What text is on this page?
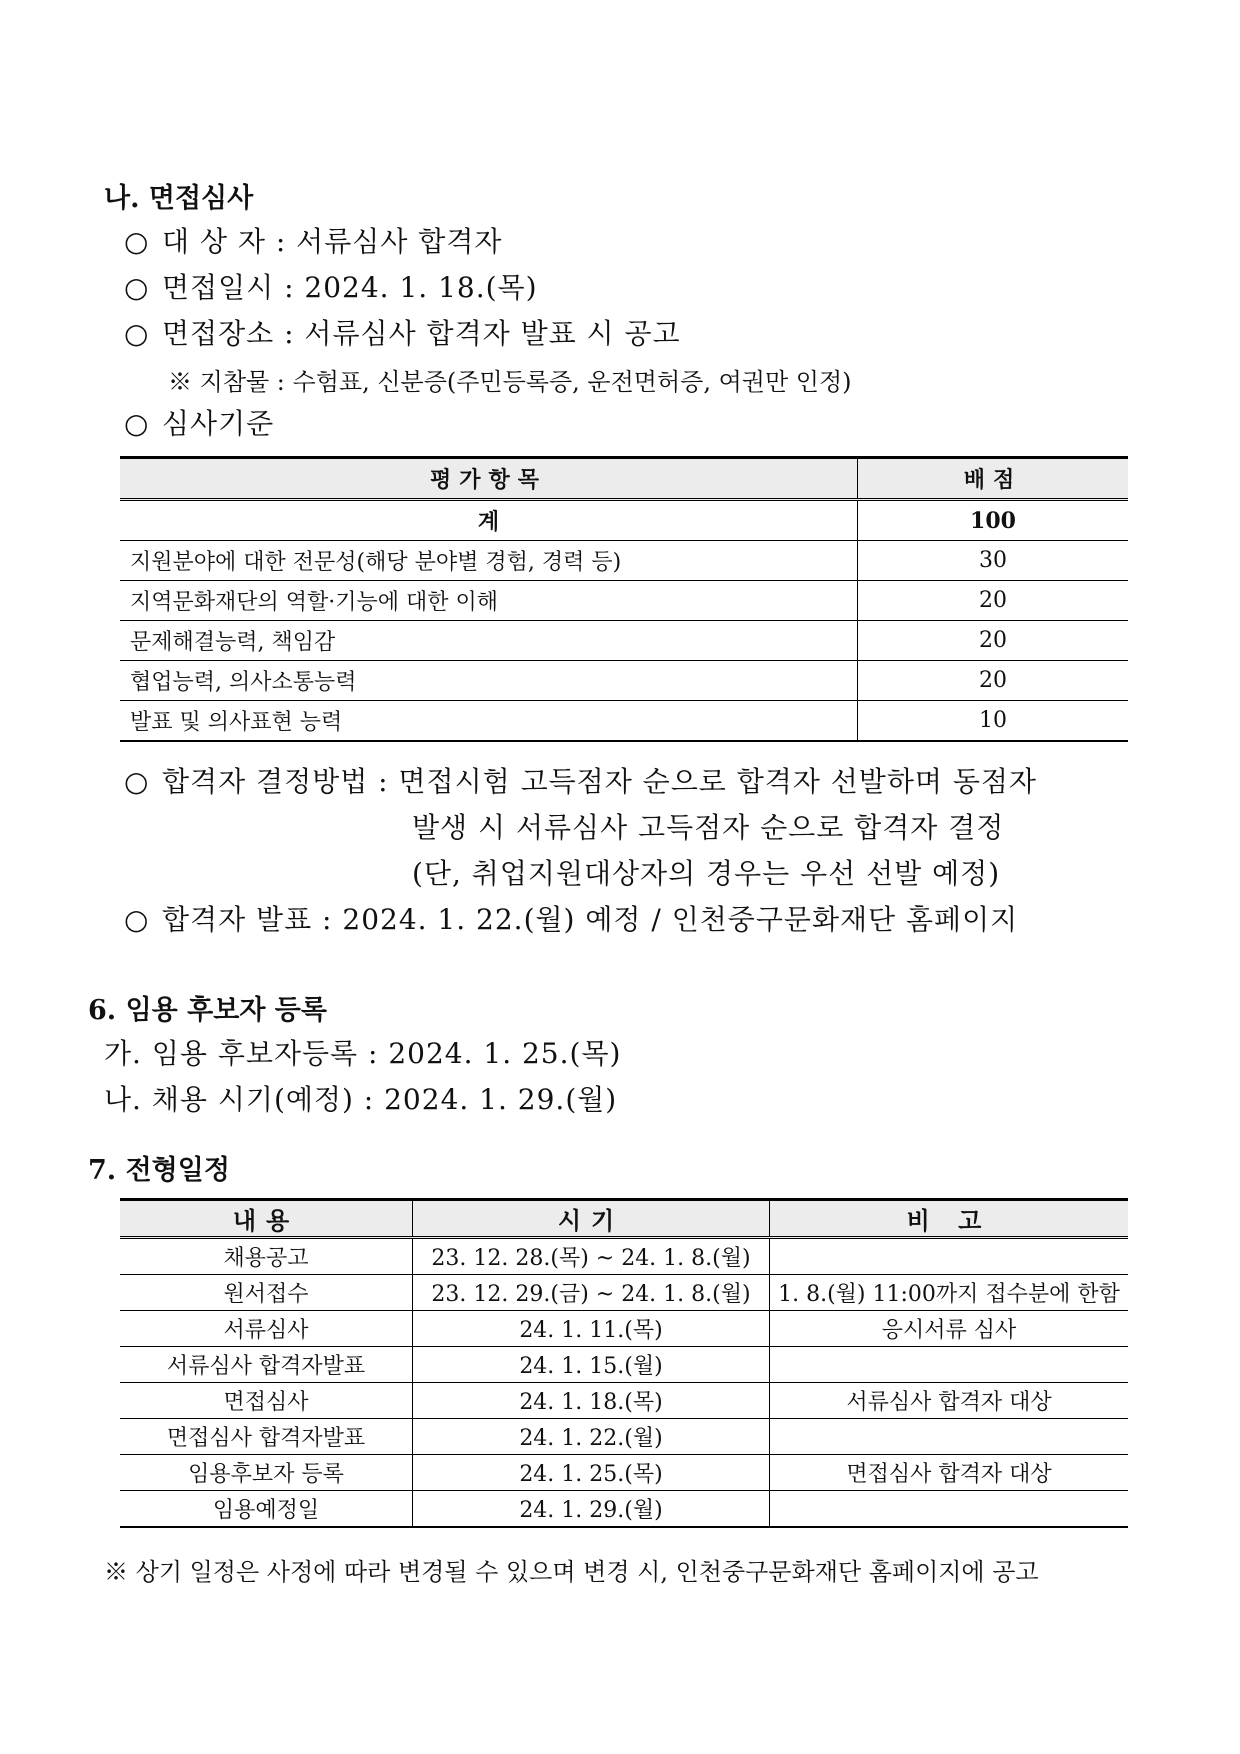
나. 면접심사
○ 대 상 자 : 서류심사 합격자
○ 면접일시 : 2024. 1. 18.(목)
○ 면접장소 : 서류심사 합격자 발표 시 공고
※ 지참물 : 수험표, 신분증(주민등록증, 운전면허증, 여권만 인정)
○ 심사기준
평가항목	배점
계	100
지원분야에 대한 전문성(해당 분야별 경험, 경력 등)	30
지역문화재단의 역할·기능에 대한 이해	20
문제해결능력, 책임감	20
협업능력, 의사소통능력	20
발표 및 의사표현 능력	10
○ 합격자 결정방법 : 면접시험 고득점자 순으로 합격자 선발하며 동점자
발생 시 서류심사 고득점자 순으로 합격자 결정
(단, 취업지원대상자의 경우는 우선 선발 예정)
○ 합격자 발표 : 2024. 1. 22.(월) 예정 / 인천중구문화재단 홈페이지
6. 임용 후보자 등록
가. 임용 후보자등록 : 2024. 1. 25.(목)
나. 채용 시기(예정) : 2024. 1. 29.(월)
7. 전형일정
내용	시기	비 고
채용공고	23. 12. 28.(목) ~ 24. 1. 8.(월)	
원서접수	23. 12. 29.(금) ~ 24. 1. 8.(월)	1. 8.(월) 11:00까지 접수분에 한함
서류심사	24. 1. 11.(목)	응시서류 심사
서류심사 합격자발표	24. 1. 15.(월)	
면접심사	24. 1. 18.(목)	서류심사 합격자 대상
면접심사 합격자발표	24. 1. 22.(월)	
임용후보자 등록	24. 1. 25.(목)	면접심사 합격자 대상
임용예정일	24. 1. 29.(월)	
※ 상기 일정은 사정에 따라 변경될 수 있으며 변경 시, 인천중구문화재단 홈페이지에 공고
